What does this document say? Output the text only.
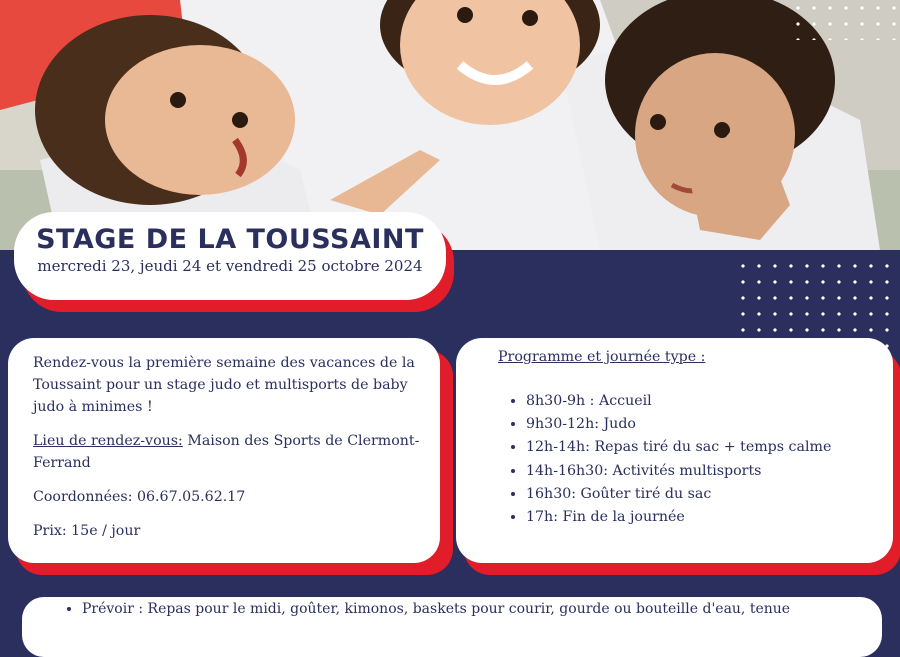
STAGE DE LA TOUSSAINT
mercredi 23, jeudi 24 et vendredi 25 octobre 2024

Rendez-vous la première semaine des vacances de la Toussaint pour un stage judo et multisports de baby judo à minimes !

Lieu de rendez-vous: Maison des Sports de Clermont-Ferrand

Coordonnées: 06.67.05.62.17

Prix: 15e / jour

Programme et journée type :
• 8h30-9h : Accueil
• 9h30-12h: Judo
• 12h-14h: Repas tiré du sac + temps calme
• 14h-16h30: Activités multisports
• 16h30: Goûter tiré du sac
• 17h: Fin de la journée
• Prévoir : Repas pour le midi, goûter, kimonos, baskets pour courir, gourde ou bouteille d'eau, tenue
